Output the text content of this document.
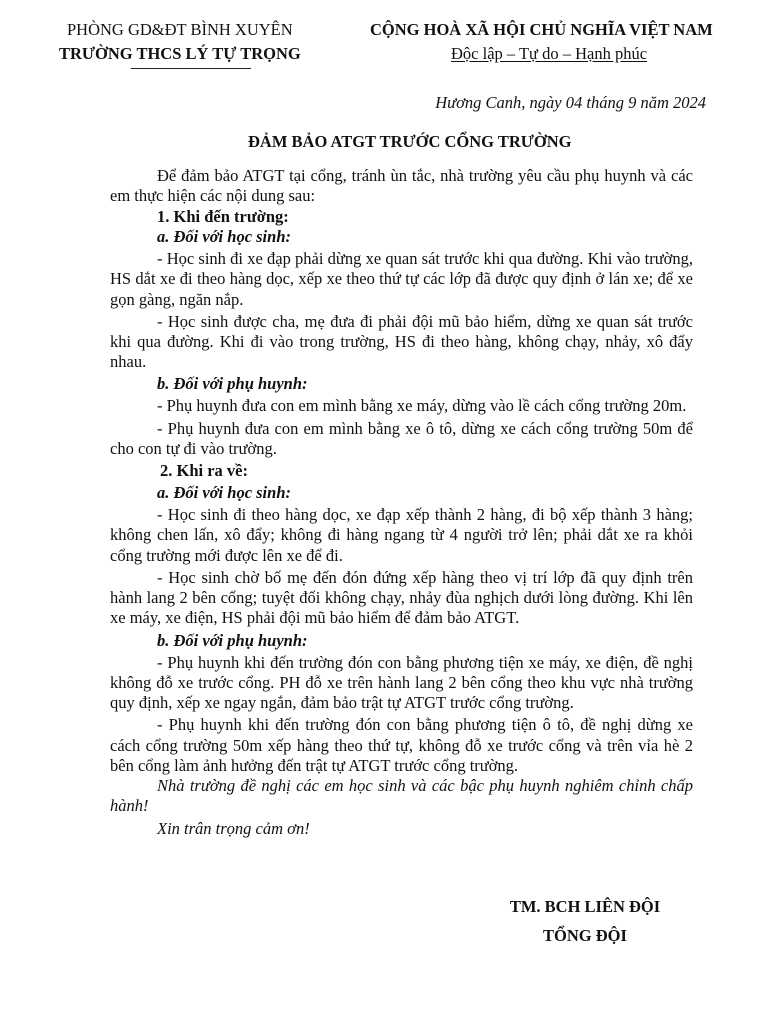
PHÒNG GD&ĐT BÌNH XUYÊN
TRƯỜNG THCS LÝ TỰ TRỌNG
CỘNG HOÀ XÃ HỘI CHỦ NGHĨA VIỆT NAM
Độc lập – Tự do – Hạnh phúc
Hương Canh, ngày 04 tháng 9 năm 2024
ĐẢM BẢO ATGT TRƯỚC CỔNG TRƯỜNG

Để đảm bảo ATGT tại cổng, tránh ùn tắc, nhà trường yêu cầu phụ huynh và các em thực hiện các nội dung sau:

1. Khi đến trường:

a. Đối với học sinh:

- Học sinh đi xe đạp phải dừng xe quan sát trước khi qua đường. Khi vào trường, HS dắt xe đi theo hàng dọc, xếp xe theo thứ tự các lớp đã được quy định ở lán xe; để xe gọn gàng, ngăn nắp.

- Học sinh được cha, mẹ đưa đi phải đội mũ bảo hiểm, dừng xe quan sát trước khi qua đường. Khi đi vào trong trường, HS đi theo hàng, không chạy, nhảy, xô đẩy nhau.

b. Đối với phụ huynh:

- Phụ huynh đưa con em mình bằng xe máy, dừng vào lề cách cổng trường 20m.

- Phụ huynh đưa con em mình bằng xe ô tô, dừng xe cách cổng trường 50m để cho con tự đi vào trường.

2. Khi ra về:

a. Đối với học sinh:

- Học sinh đi theo hàng dọc, xe đạp xếp thành 2 hàng, đi bộ xếp thành 3 hàng; không chen lấn, xô đẩy; không đi hàng ngang từ 4 người trở lên; phải dắt xe ra khỏi cổng trường mới được lên xe để đi.

- Học sinh chờ bố mẹ đến đón đứng xếp hàng theo vị trí lớp đã quy định trên hành lang 2 bên cổng; tuyệt đối không chạy, nhảy đùa nghịch dưới lòng đường. Khi lên xe máy, xe điện, HS phải đội mũ bảo hiểm để đảm bảo ATGT.

b. Đối với phụ huynh:

- Phụ huynh khi đến trường đón con bằng phương tiện xe máy, xe điện, đề nghị không đỗ xe trước cổng. PH đỗ xe trên hành lang 2 bên cổng theo khu vực nhà trường quy định, xếp xe ngay ngắn, đảm bảo trật tự ATGT trước cổng trường.

- Phụ huynh khi đến trường đón con bằng phương tiện ô tô, đề nghị dừng xe cách cổng trường 50m xếp hàng theo thứ tự, không đỗ xe trước cổng và trên vỉa hè 2 bên cổng làm ảnh hưởng đến trật tự ATGT trước cổng trường.

Nhà trường đề nghị các em học sinh và các bậc phụ huynh nghiêm chỉnh chấp hành!

Xin trân trọng cảm ơn!

TM. BCH LIÊN ĐỘI
TỔNG ĐỘI
